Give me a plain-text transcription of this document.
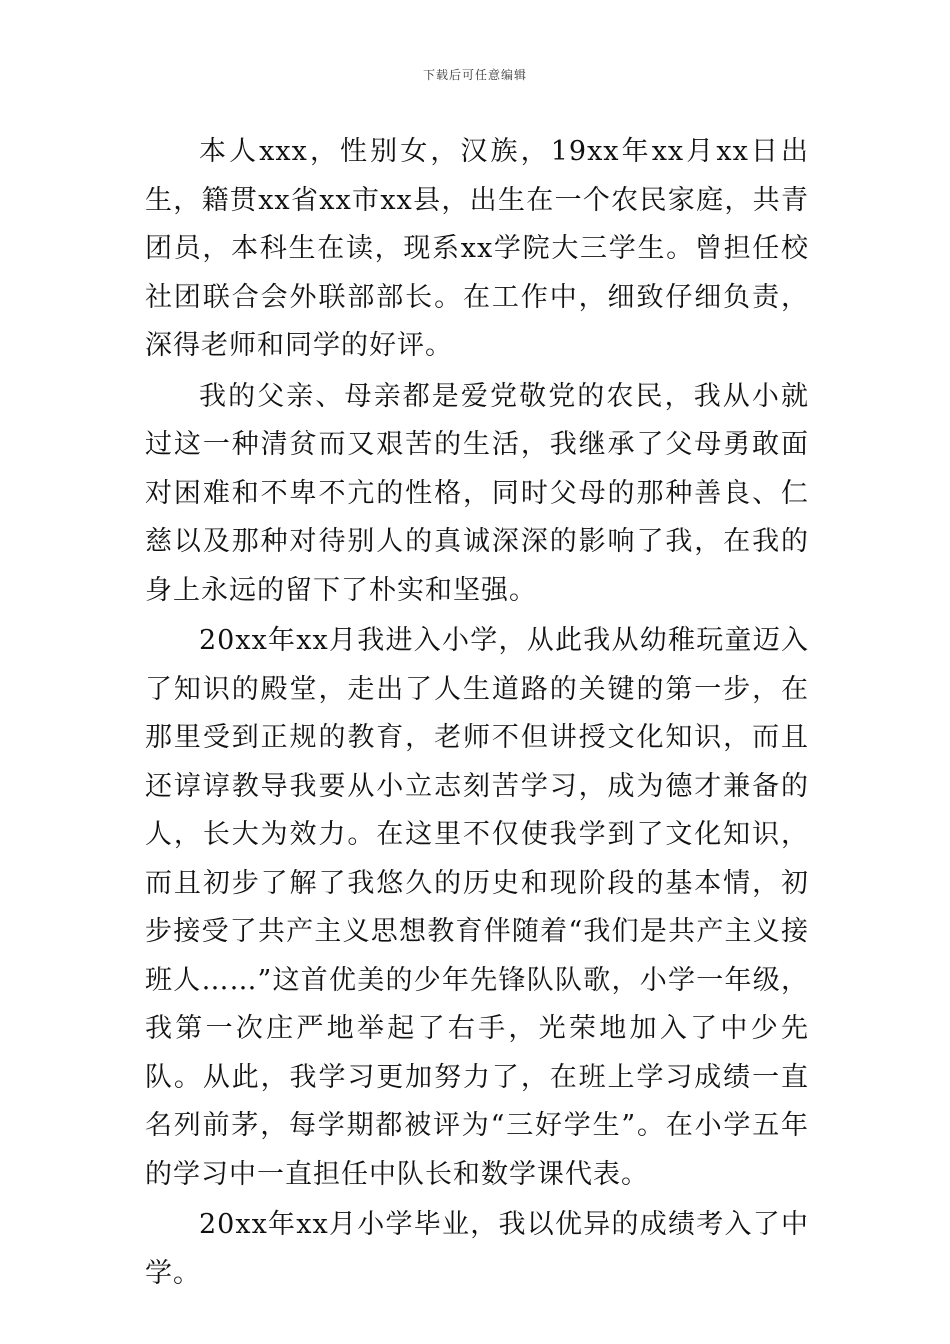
下载后可任意编辑

本人xxx，性别女，汉族，19xx年xx月xx日出生，籍贯xx省xx市xx县，出生在一个农民家庭，共青团员，本科生在读，现系xx学院大三学生。曾担任校社团联合会外联部部长。在工作中，细致仔细负责，深得老师和同学的好评。

我的父亲、母亲都是爱党敬党的农民，我从小就过这一种清贫而又艰苦的生活，我继承了父母勇敢面对困难和不卑不亢的性格，同时父母的那种善良、仁慈以及那种对待别人的真诚深深的影响了我，在我的身上永远的留下了朴实和坚强。

20xx年xx月我进入小学，从此我从幼稚玩童迈入了知识的殿堂，走出了人生道路的关键的第一步，在那里受到正规的教育，老师不但讲授文化知识，而且还谆谆教导我要从小立志刻苦学习，成为德才兼备的人，长大为效力。在这里不仅使我学到了文化知识，而且初步了解了我悠久的历史和现阶段的基本情，初步接受了共产主义思想教育伴随着“我们是共产主义接班人……”这首优美的少年先锋队队歌，小学一年级，我第一次庄严地举起了右手，光荣地加入了中少先队。从此，我学习更加努力了，在班上学习成绩一直名列前茅，每学期都被评为“三好学生”。在小学五年的学习中一直担任中队长和数学课代表。

20xx年xx月小学毕业，我以优异的成绩考入了中学。
